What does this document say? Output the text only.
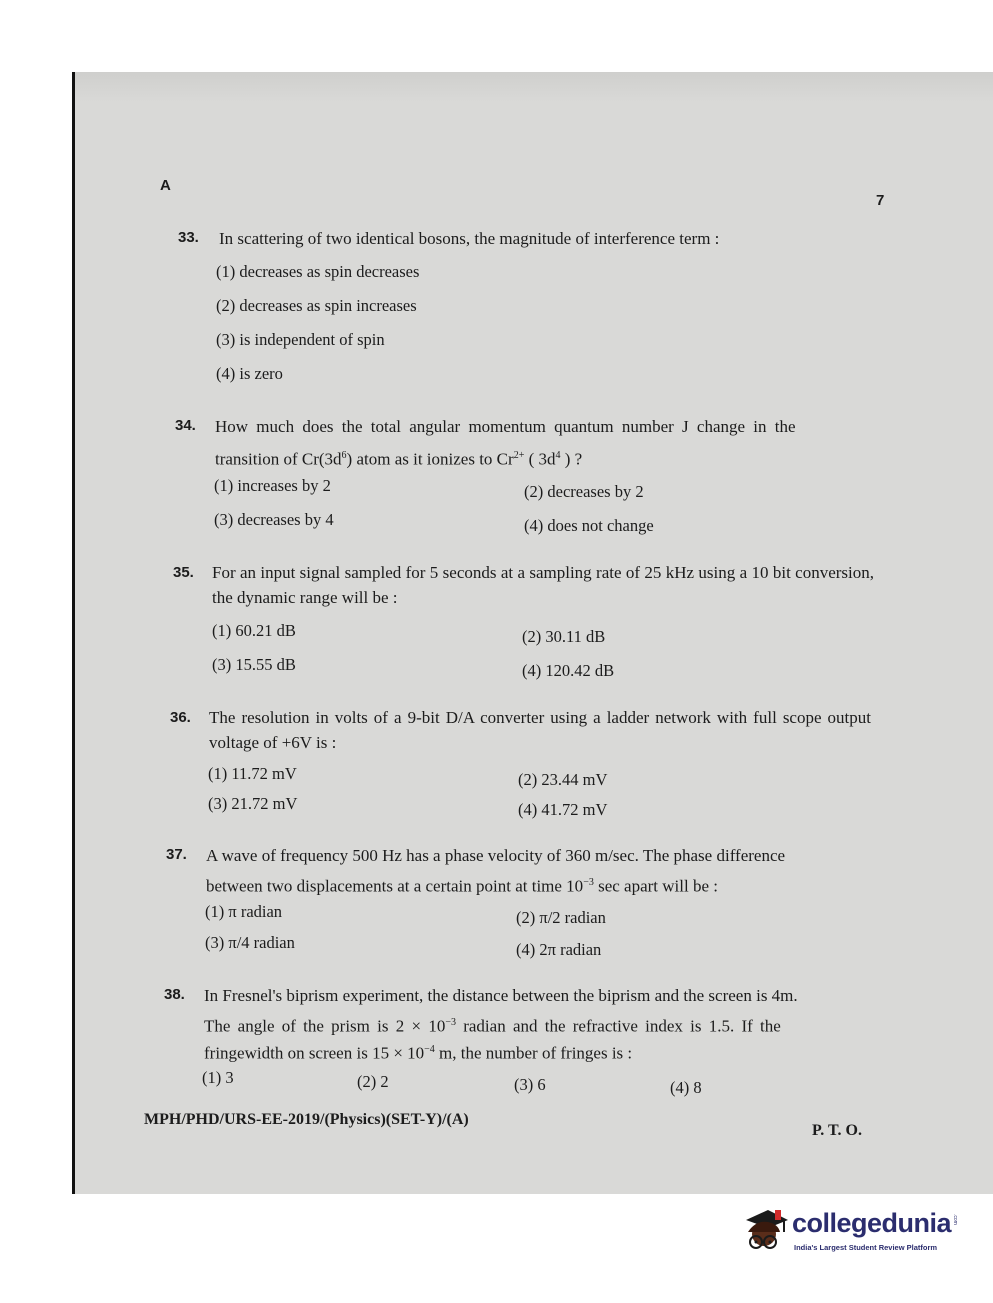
A
7
33. In scattering of two identical bosons, the magnitude of interference term :
(1) decreases as spin decreases
(2) decreases as spin increases
(3) is independent of spin
(4) is zero
34. How much does the total angular momentum quantum number J change in the
transition of $Cr(3d^6)$ atom as it ionizes to $Cr^{2+}$ ( $3d^4$ ) ?
(1) increases by 2	(2) decreases by 2
(3) decreases by 4	(4) does not change
35. For an input signal sampled for 5 seconds at a sampling rate of 25 kHz using a 10 bit conversion, the dynamic range will be :
(1) 60.21 dB	(2) 30.11 dB
(3) 15.55 dB	(4) 120.42 dB
36. The resolution in volts of a 9-bit D/A converter using a ladder network with full scope output voltage of +6V is :
(1) 11.72 mV	(2) 23.44 mV
(3) 21.72 mV	(4) 41.72 mV
37. A wave of frequency 500 Hz has a phase velocity of 360 m/sec. The phase difference
between two displacements at a certain point at time $10^{-3}$ sec apart will be :
(1) π radian	(2) π/2 radian
(3) π/4 radian	(4) 2π radian
38. In Fresnel's biprism experiment, the distance between the biprism and the screen is 4m.
The angle of the prism is $2 \times 10^{-3}$ radian and the refractive index is 1.5. If the
fringewidth on screen is $15 \times 10^{-4}$ m, the number of fringes is :
(1) 3	(2) 2	(3) 6	(4) 8
MPH/PHD/URS-EE-2019/(Physics)(SET-Y)/(A)
P. T. O.
collegedunia .com
India's Largest Student Review Platform
